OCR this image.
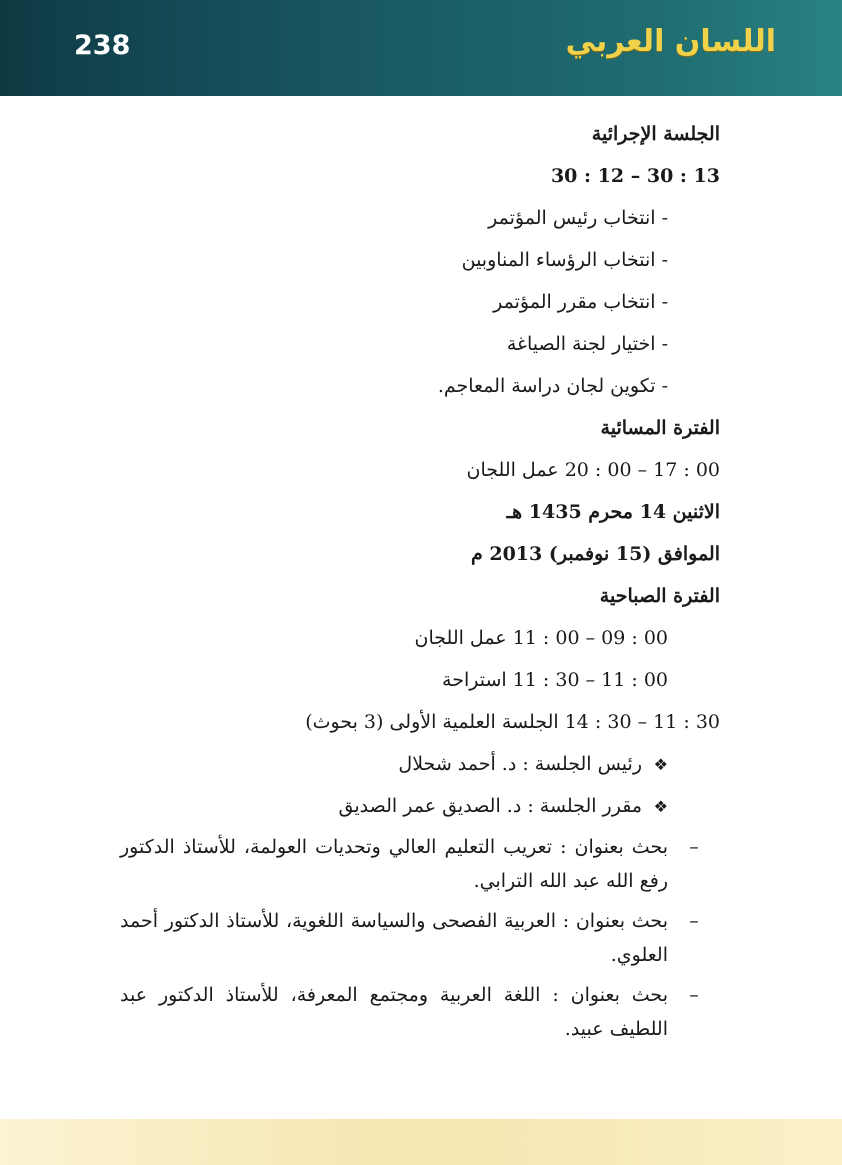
238	اللسان العربي
الجلسة الإجرائية
13 : 30 – 12 : 30
- انتخاب رئيس المؤتمر
- انتخاب الرؤساء المناوبين
- انتخاب مقرر المؤتمر
- اختيار لجنة الصياغة
- تكوين لجان دراسة المعاجم.
الفترة المسائية
00 : 17 – 00 : 20 عمل اللجان
الاثنين 14 محرم 1435 هـ
الموافق (15 نوفمبر) 2013 م
الفترة الصباحية
00 : 09 – 00 : 11 عمل اللجان
00 : 11 – 30 : 11 استراحة
30 : 11 – 30 : 14 الجلسة العلمية الأولى (3 بحوث)
❖رئيس الجلسة : د. أحمد شحلال
❖مقرر الجلسة : د. الصديق عمر الصديق
–
بحث بعنوان : تعريب التعليم العالي وتحديات العولمة، للأستاذ الدكتور رفع الله عبد الله الترابي.
–
بحث بعنوان : العربية الفصحى والسياسة اللغوية، للأستاذ الدكتور أحمد العلوي.
–
بحث بعنوان : اللغة العربية ومجتمع المعرفة، للأستاذ الدكتور عبد اللطيف عبيد.
